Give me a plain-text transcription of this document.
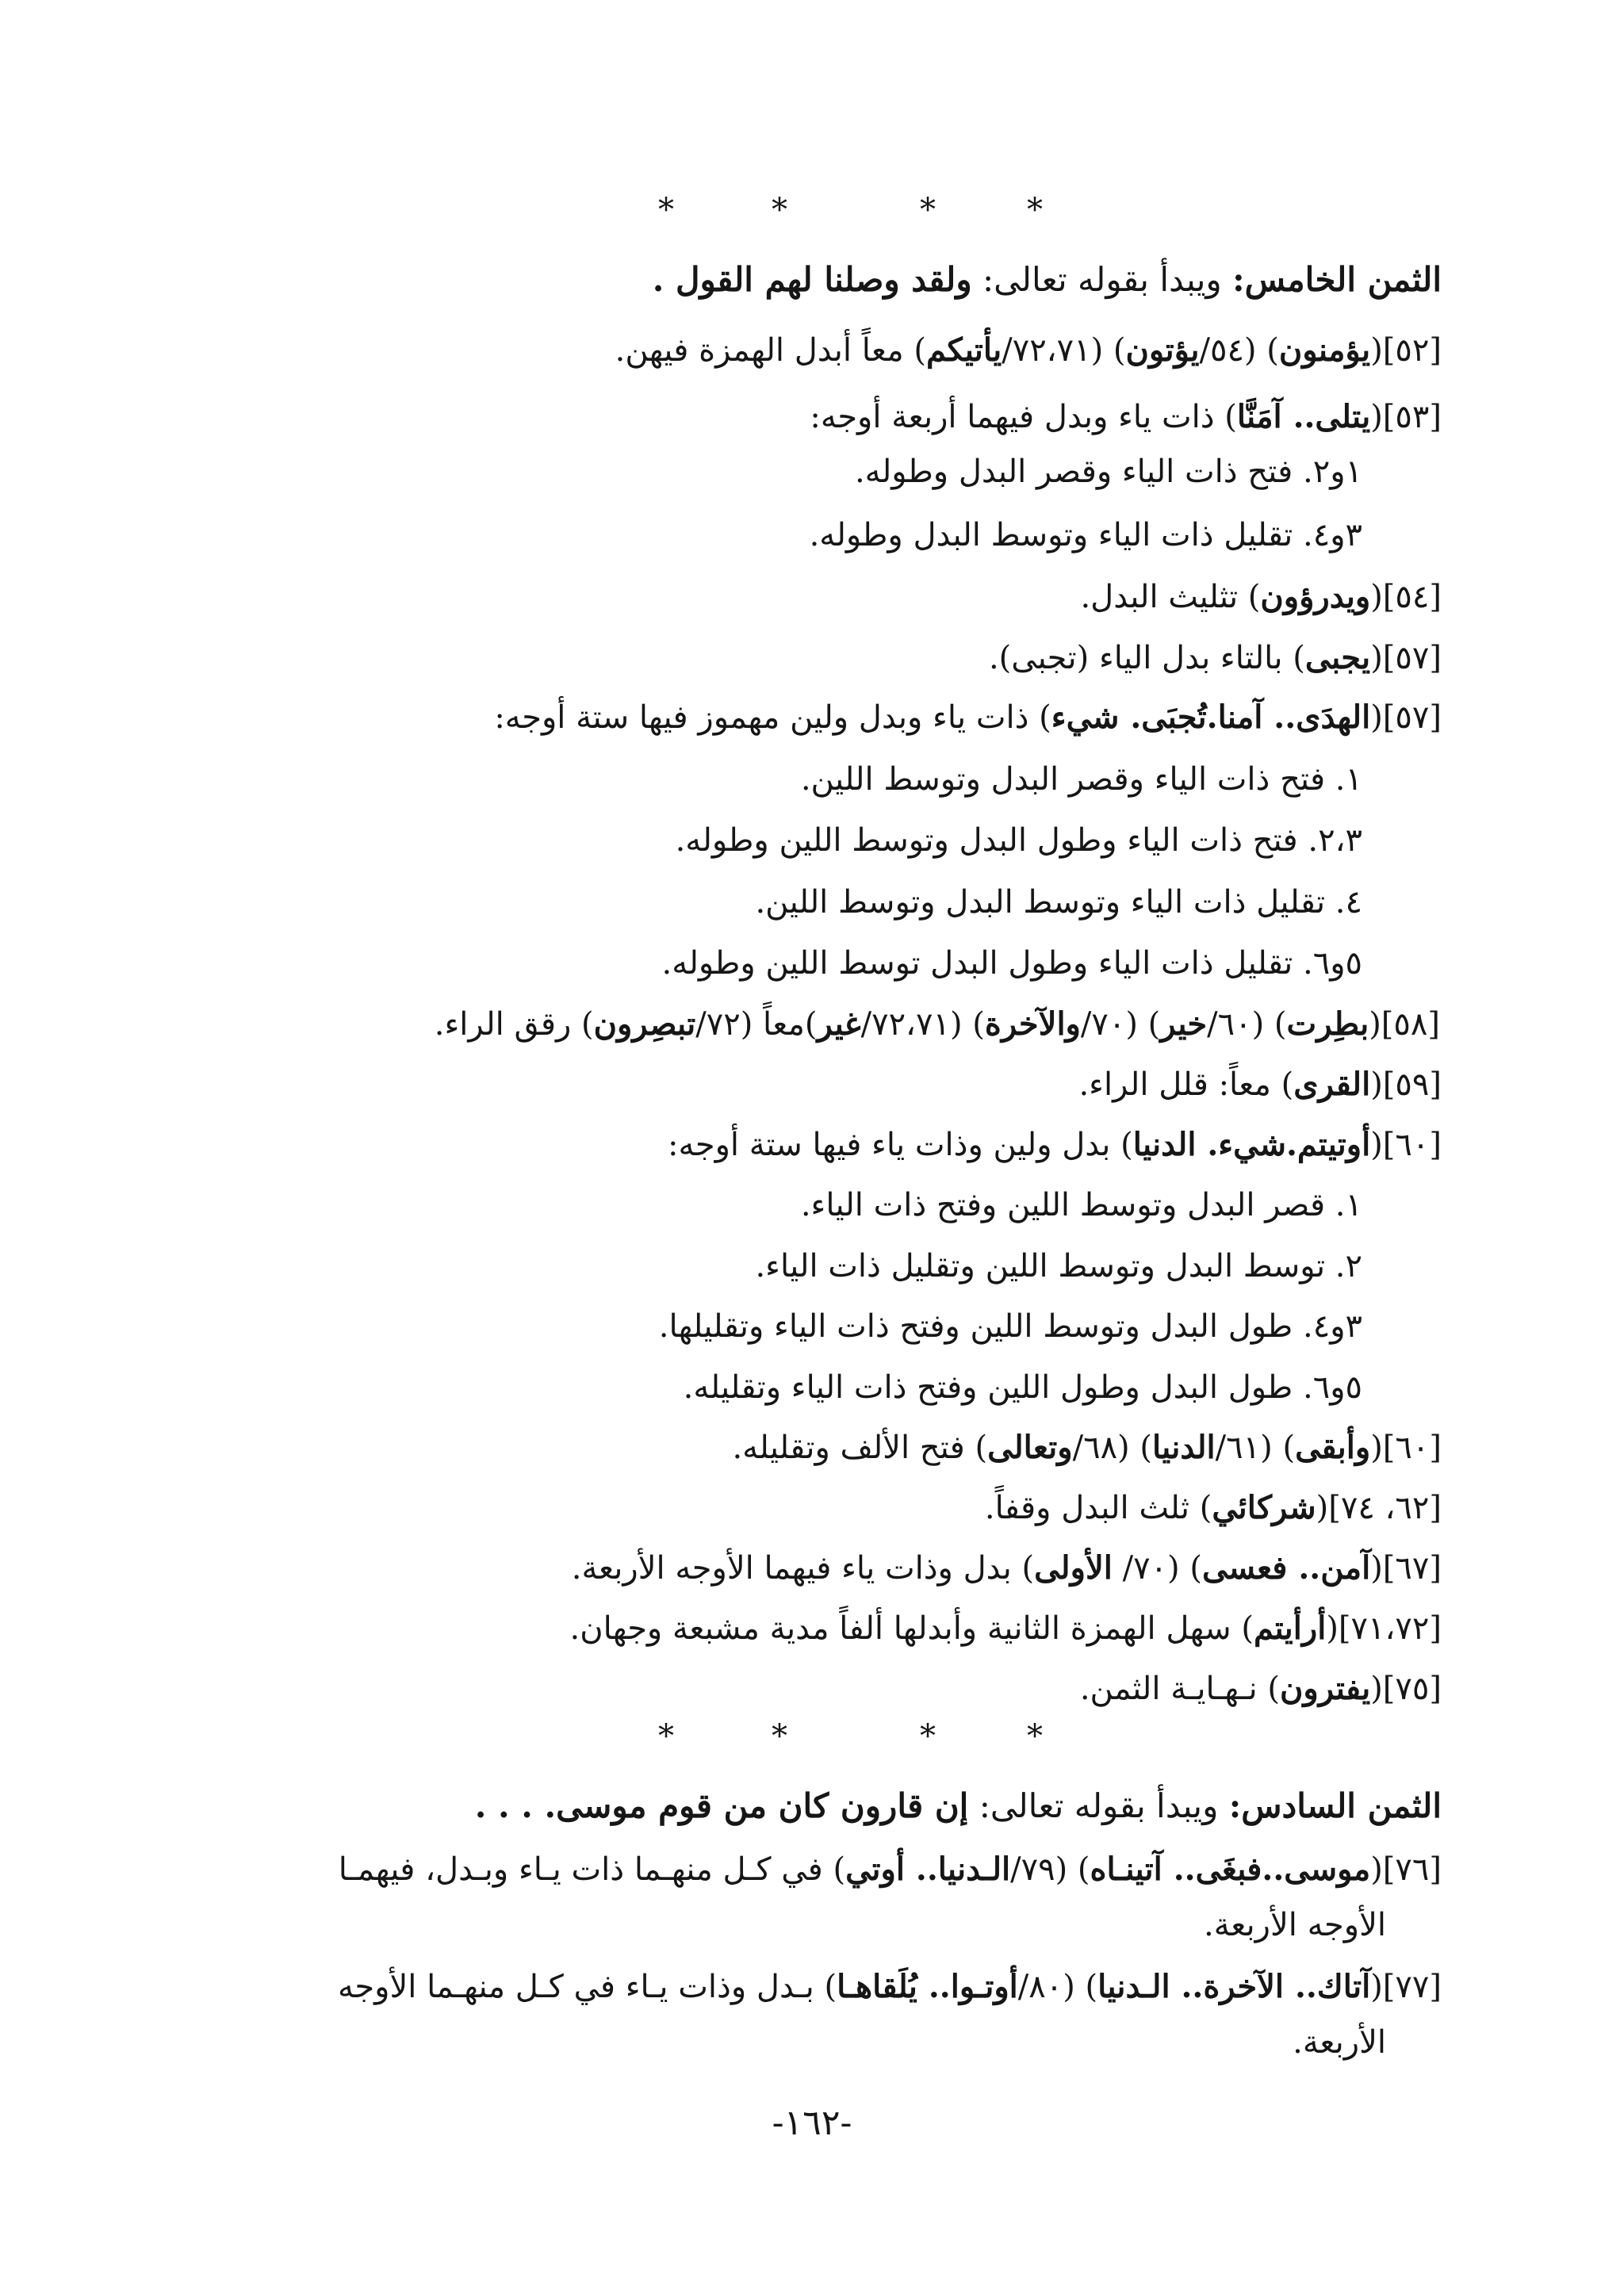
*	*	*	*
الثمن الخامس: ويبدأ بقوله تعالى: ولقد وصلنا لهم القول .
[٥٢](يؤمنون) (٥٤/يؤتون) (٧٢،٧١/يأتيكم) معاً أبدل الهمزة فيهن.
[٥٣](يتلى.. آمَنَّا) ذات ياء وبدل فيهما أربعة أوجه:
١و٢. فتح ذات الياء وقصر البدل وطوله.
٣و٤. تقليل ذات الياء وتوسط البدل وطوله.
[٥٤](ويدرؤون) تثليث البدل.
[٥٧](يجبى) بالتاء بدل الياء (تجبى).
[٥٧](الهدَى.. آمنا.تُجبَى. شيء) ذات ياء وبدل ولين مهموز فيها ستة أوجه:
١. فتح ذات الياء وقصر البدل وتوسط اللين.
٢،٣. فتح ذات الياء وطول البدل وتوسط اللين وطوله.
٤. تقليل ذات الياء وتوسط البدل وتوسط اللين.
٥و٦. تقليل ذات الياء وطول البدل توسط اللين وطوله.
[٥٨](بطِرت) (٦٠/خير) (٧٠/والآخرة) (٧٢،٧١/غير)معاً (٧٢/تبصِرون) رقق الراء.
[٥٩](القرى) معاً: قلل الراء.
[٦٠](أوتيتم.شيء. الدنيا) بدل ولين وذات ياء فيها ستة أوجه:
١. قصر البدل وتوسط اللين وفتح ذات الياء.
٢. توسط البدل وتوسط اللين وتقليل ذات الياء.
٣و٤. طول البدل وتوسط اللين وفتح ذات الياء وتقليلها.
٥و٦. طول البدل وطول اللين وفتح ذات الياء وتقليله.
[٦٠](وأبقى) (٦١/الدنيا) (٦٨/وتعالى) فتح الألف وتقليله.
[٦٢، ٧٤](شركائي) ثلث البدل وقفاً.
[٦٧](آمن.. فعسى) (٧٠/ الأولى) بدل وذات ياء فيهما الأوجه الأربعة.
[٧١،٧٢](أرأيتم) سهل الهمزة الثانية وأبدلها ألفاً مدية مشبعة وجهان.
[٧٥](يفترون) نـهـايـة الثمن.
*	*	*	*
الثمن السادس: ويبدأ بقوله تعالى: إن قارون كان من قوم موسى. . . .
[٧٦](موسى..فبغَى.. آتينـاه) (٧٩/الـدنيا.. أوتي) في كـل منهـما ذات يـاء وبـدل، فيهمـا
الأوجه الأربعة.
[٧٧](آتاك.. الآخرة.. الـدنيا) (٨٠/أوتـوا.. يُلَقاهـا) بـدل وذات يـاء في كـل منهـما الأوجه
الأربعة.
-١٦٢-
